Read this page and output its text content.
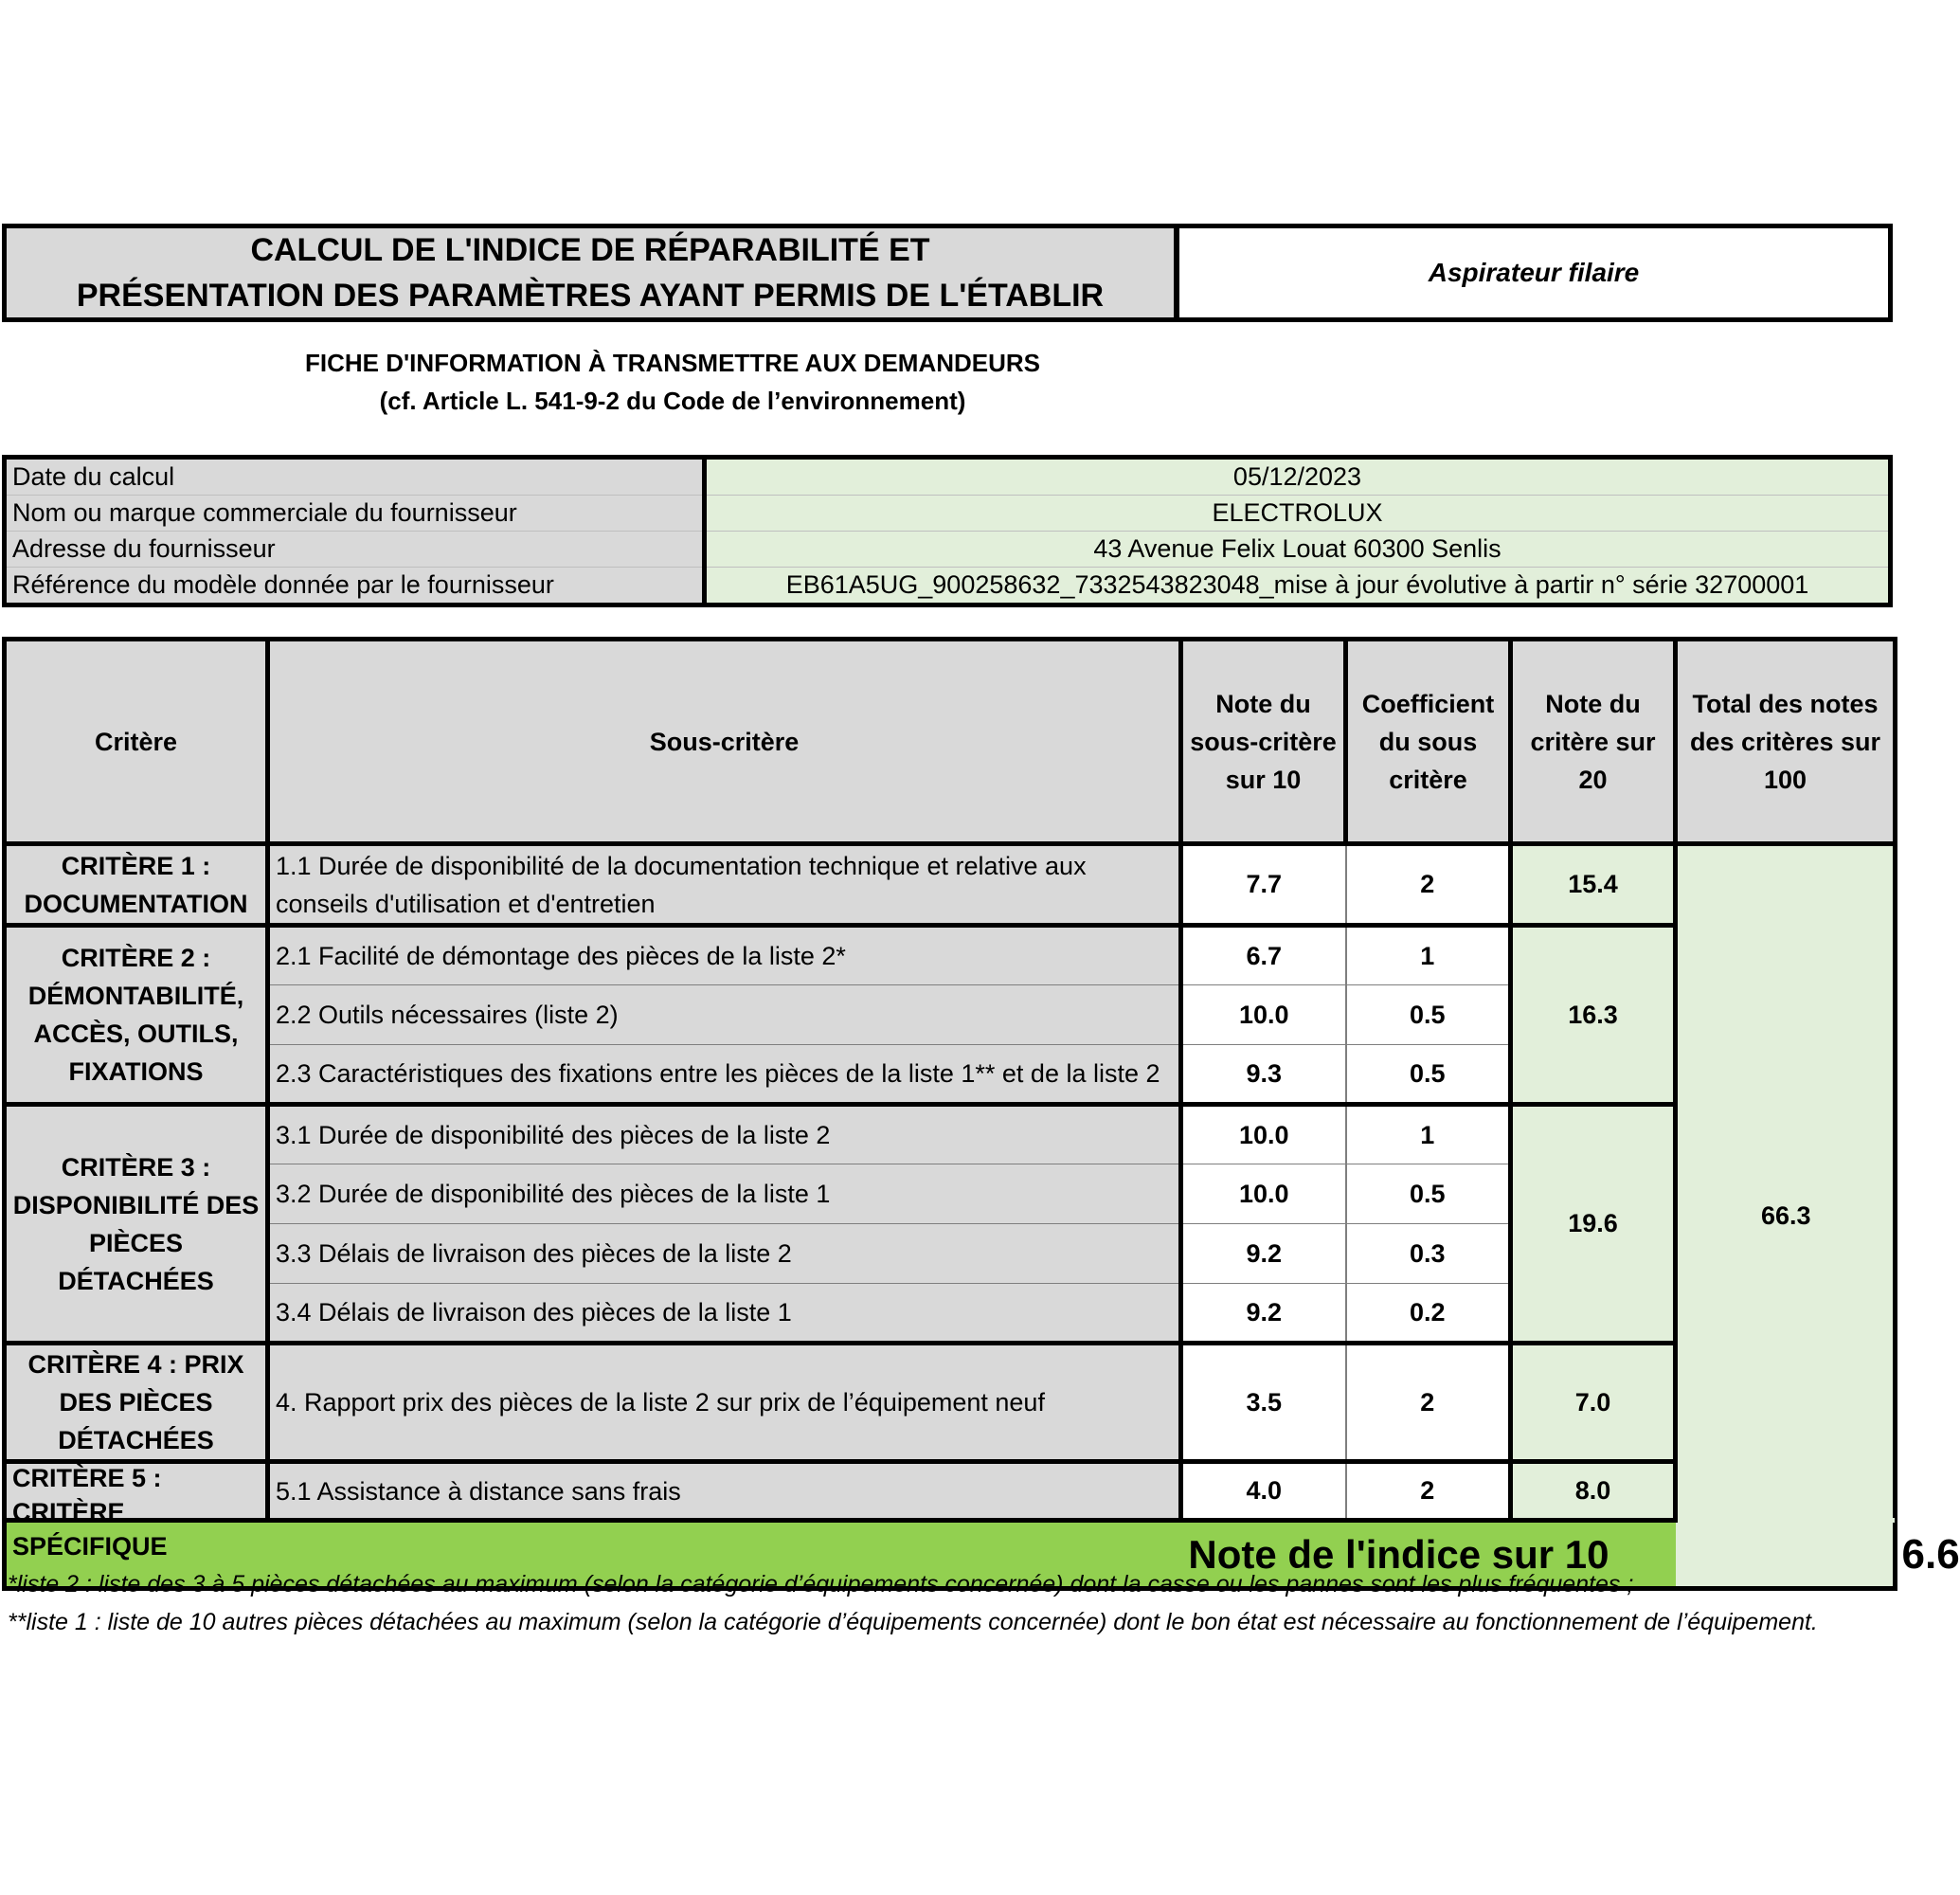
CALCUL DE L'INDICE DE RÉPARABILITÉ ET
PRÉSENTATION DES PARAMÈTRES AYANT PERMIS DE L'ÉTABLIR
Aspirateur filaire
FICHE D'INFORMATION À TRANSMETTRE AUX DEMANDEURS
(cf. Article L. 541-9-2 du Code de l’environnement)
Date du calcul	05/12/2023
Nom ou marque commerciale du fournisseur	ELECTROLUX
Adresse du fournisseur	43 Avenue Felix Louat 60300 Senlis
Référence du modèle donnée par le fournisseur	EB61A5UG_900258632_7332543823048_mise à jour évolutive à partir n° série 32700001
Critère	Sous-critère	Note du sous-critère sur 10	Coefficient du sous critère	Note du critère sur 20	Total des notes des critères sur 100	
CRITÈRE 1 : DOCUMENTATION	1.1 Durée de disponibilité de la documentation technique et relative aux conseils d'utilisation et d'entretien	7.7	2	15.4	66.3	
CRITÈRE 2 : DÉMONTABILITÉ, ACCÈS, OUTILS, FIXATIONS	2.1 Facilité de démontage des pièces de la liste 2*	6.7	1	16.3		
	2.2 Outils nécessaires (liste 2)	10.0	0.5			
	2.3 Caractéristiques des fixations entre les pièces de la liste 1** et de la liste 2	9.3	0.5			
CRITÈRE 3 : DISPONIBILITÉ DES PIÈCES DÉTACHÉES	3.1 Durée de disponibilité des pièces de la liste 2	10.0	1	19.6		
	3.2 Durée de disponibilité des pièces de la liste 1	10.0	0.5			
	3.3 Délais de livraison des pièces de la liste 2	9.2	0.3			
	3.4 Délais de livraison des pièces de la liste 1	9.2	0.2			
CRITÈRE 4 : PRIX DES PIÈCES DÉTACHÉES	4. Rapport prix des pièces de la liste 2 sur prix de l’équipement neuf	3.5	2	7.0		

CRITÈRE 5 : CRITÈRE SPÉCIFIQUE	5.1 Assistance à distance sans frais	4.0	2	8.0		
Note de l'indice sur 10						6.6

*liste 2 : liste des 3 à 5 pièces détachées au maximum (selon la catégorie d’équipements concernée) dont la casse ou les pannes sont les plus fréquentes ;

**liste 1 : liste de 10 autres pièces détachées au maximum (selon la catégorie d’équipements concernée) dont le bon état est nécessaire au fonctionnement de l’équipement.
